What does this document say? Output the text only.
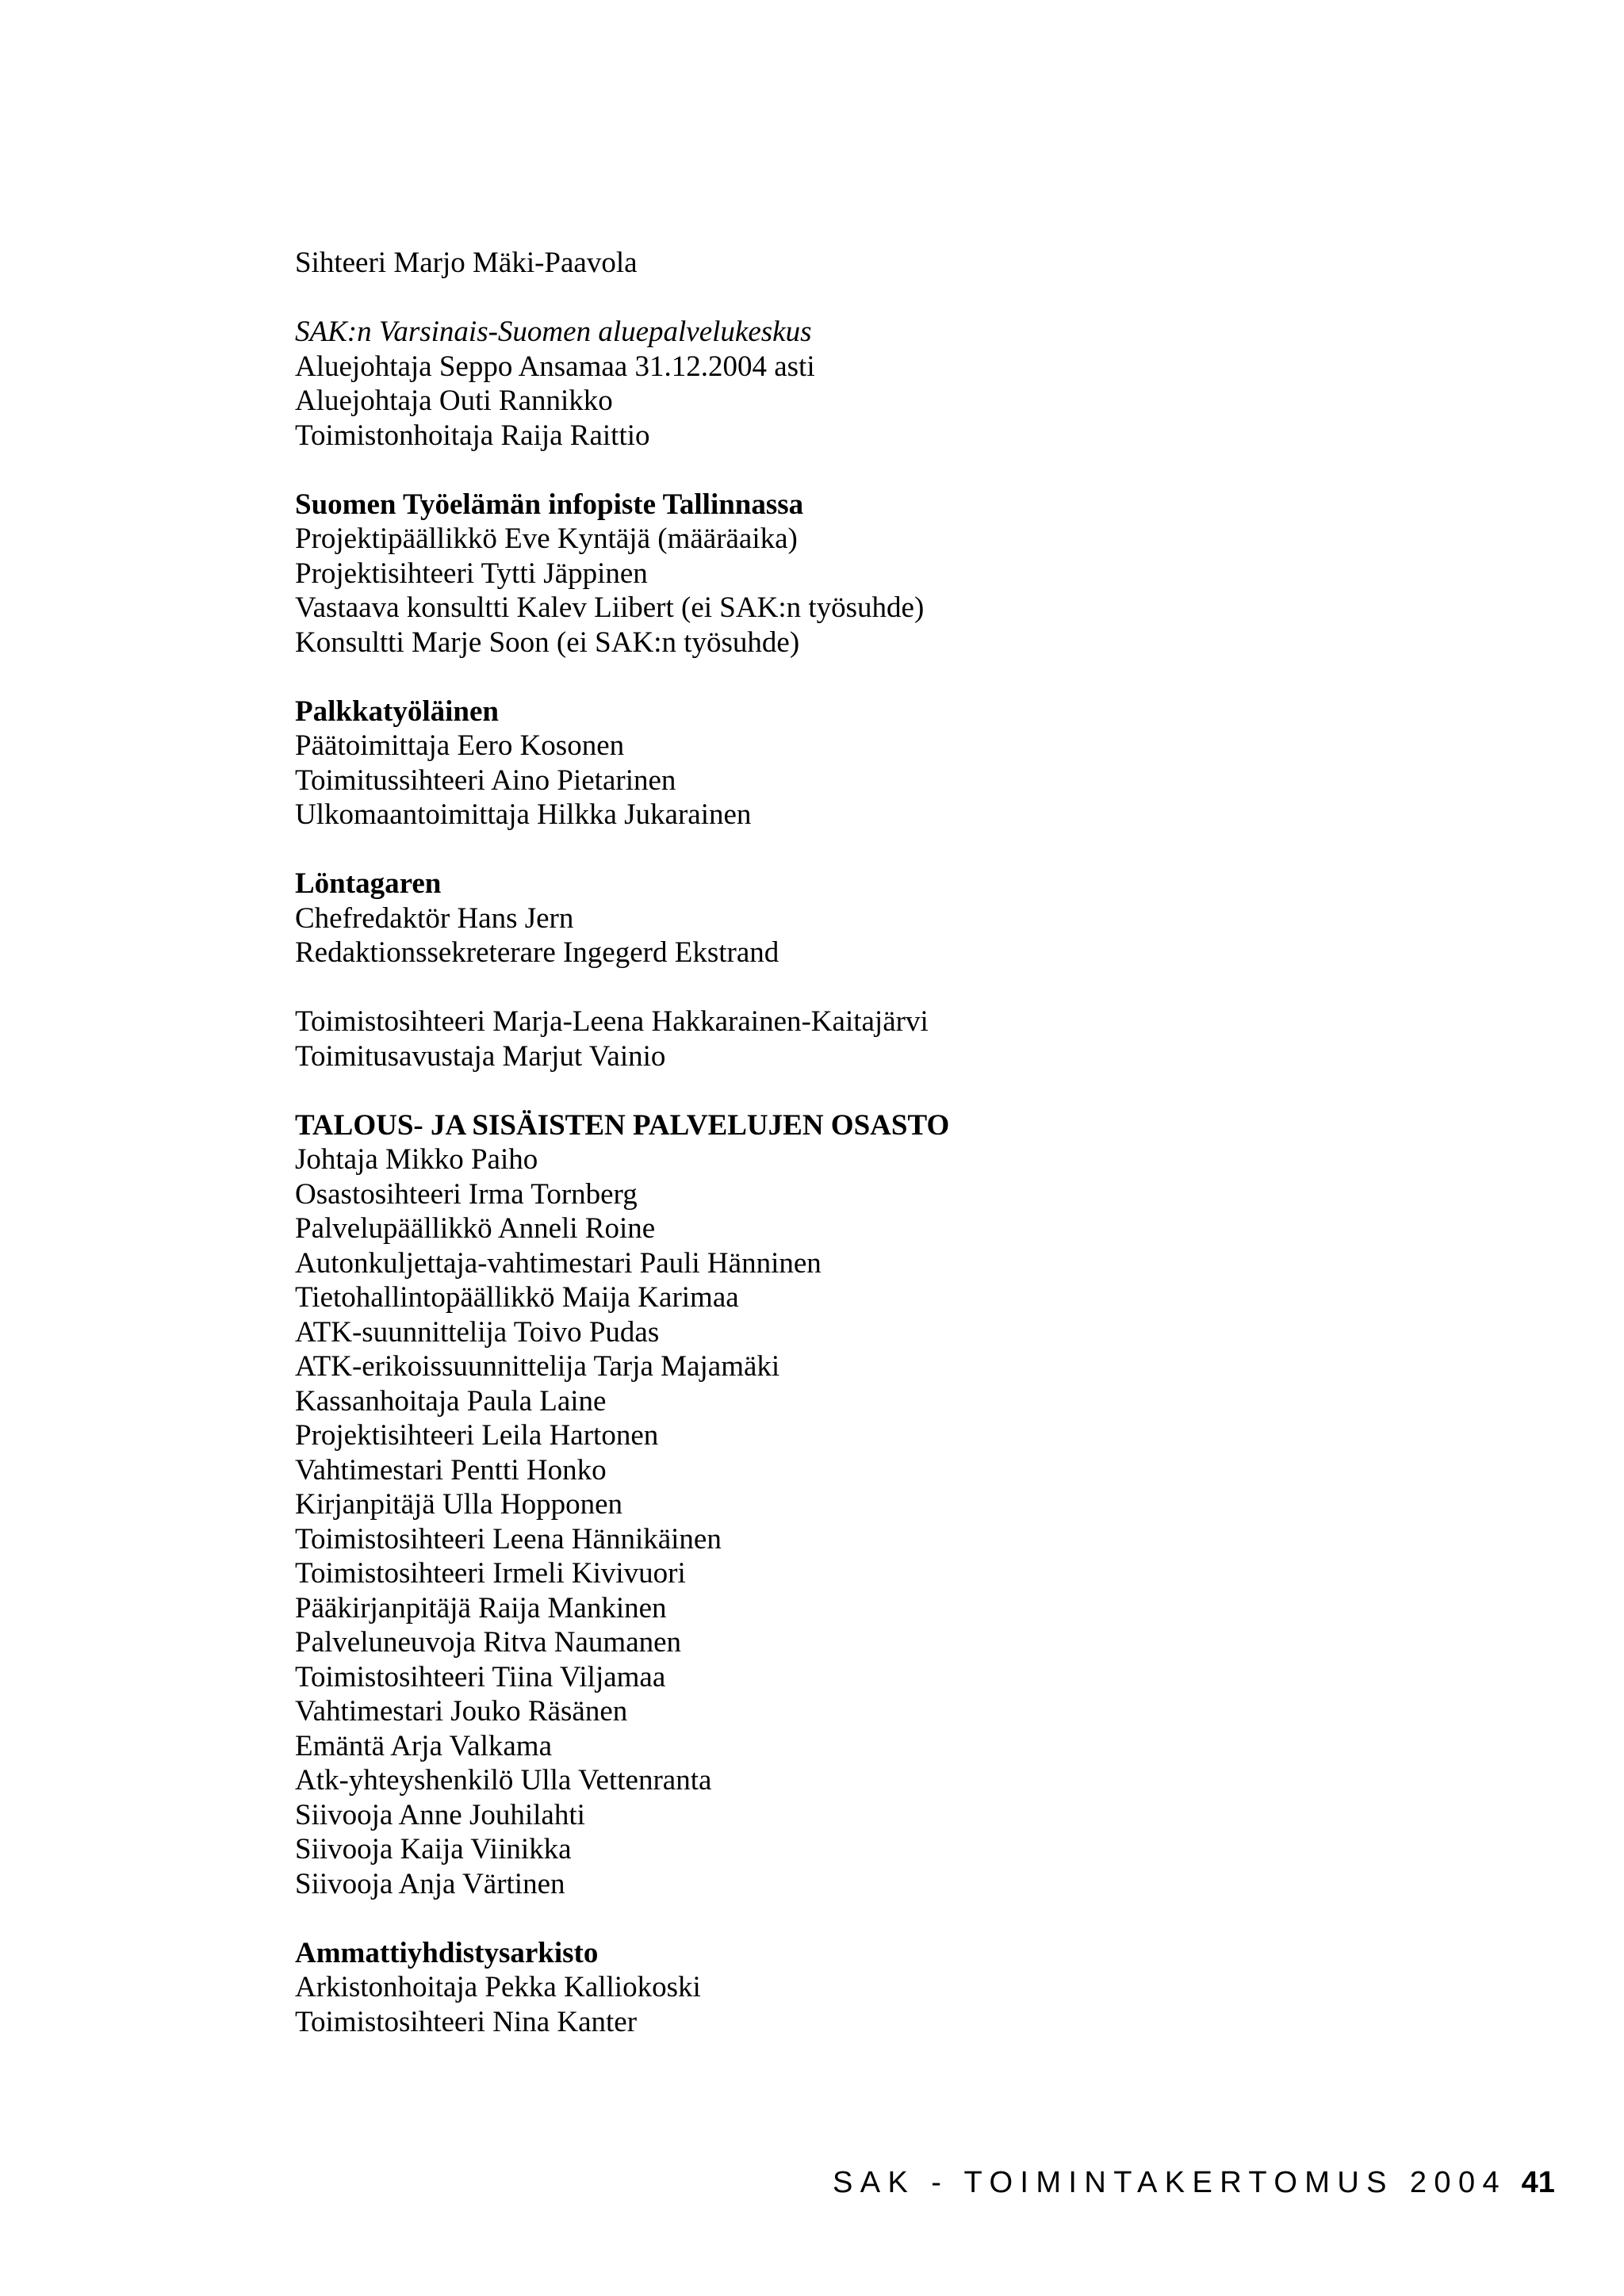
Sihteeri Marjo Mäki-Paavola
SAK:n Varsinais-Suomen aluepalvelukeskus
Aluejohtaja Seppo Ansamaa 31.12.2004 asti
Aluejohtaja Outi Rannikko
Toimistonhoitaja Raija Raittio
Suomen Työelämän infopiste Tallinnassa
Projektipäällikkö Eve Kyntäjä (määräaika)
Projektisihteeri Tytti Jäppinen
Vastaava konsultti Kalev Liibert (ei SAK:n työsuhde)
Konsultti Marje Soon (ei SAK:n työsuhde)
Palkkatyöläinen
Päätoimittaja Eero Kosonen
Toimitussihteeri Aino Pietarinen
Ulkomaantoimittaja Hilkka Jukarainen
Löntagaren
Chefredaktör Hans Jern
Redaktionssekreterare Ingegerd Ekstrand
Toimistosihteeri Marja-Leena Hakkarainen-Kaitajärvi
Toimitusavustaja Marjut Vainio
TALOUS- JA SISÄISTEN PALVELUJEN OSASTO
Johtaja Mikko Paiho
Osastosihteeri Irma Tornberg
Palvelupäällikkö Anneli Roine
Autonkuljettaja-vahtimestari Pauli Hänninen
Tietohallintopäällikkö Maija Karimaa
ATK-suunnittelija Toivo Pudas
ATK-erikoissuunnittelija Tarja Majamäki
Kassanhoitaja Paula Laine
Projektisihteeri Leila Hartonen
Vahtimestari Pentti Honko
Kirjanpitäjä Ulla Hopponen
Toimistosihteeri Leena Hännikäinen
Toimistosihteeri Irmeli Kivivuori
Pääkirjanpitäjä Raija Mankinen
Palveluneuvoja Ritva Naumanen
Toimistosihteeri Tiina Viljamaa
Vahtimestari Jouko Räsänen
Emäntä Arja Valkama
Atk-yhteyshenkilö Ulla Vettenranta
Siivooja Anne Jouhilahti
Siivooja Kaija Viinikka
Siivooja Anja Värtinen
Ammattiyhdistysarkisto
Arkistonhoitaja Pekka Kalliokoski
Toimistosihteeri Nina Kanter
SAK - TOIMINTAKERTOMUS 2004 41
